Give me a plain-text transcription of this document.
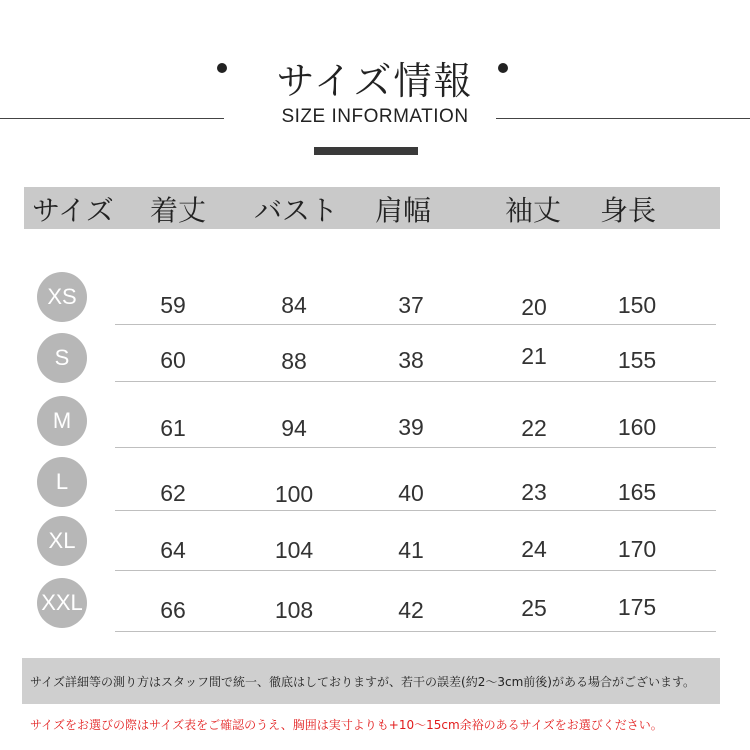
サイズ情報
SIZE INFORMATION
サイズ 着丈 バスト 肩幅	袖丈 身長
XS	59	84	37	20	150
S	60	88	38	21	155
M	61	94	39	22	160
L	62	100	40	23	165
XL	64	104	41	24	170
XXL	66	108	42	25	175
サイズ詳細等の測り方はスタッフ間で統一、徹底はしておりますが、若干の誤差(約2～3cm前後)がある場合がございます。
サイズをお選びの際はサイズ表をご確認のうえ、胸囲は実寸よりも+10～15cm余裕のあるサイズをお選びください。
